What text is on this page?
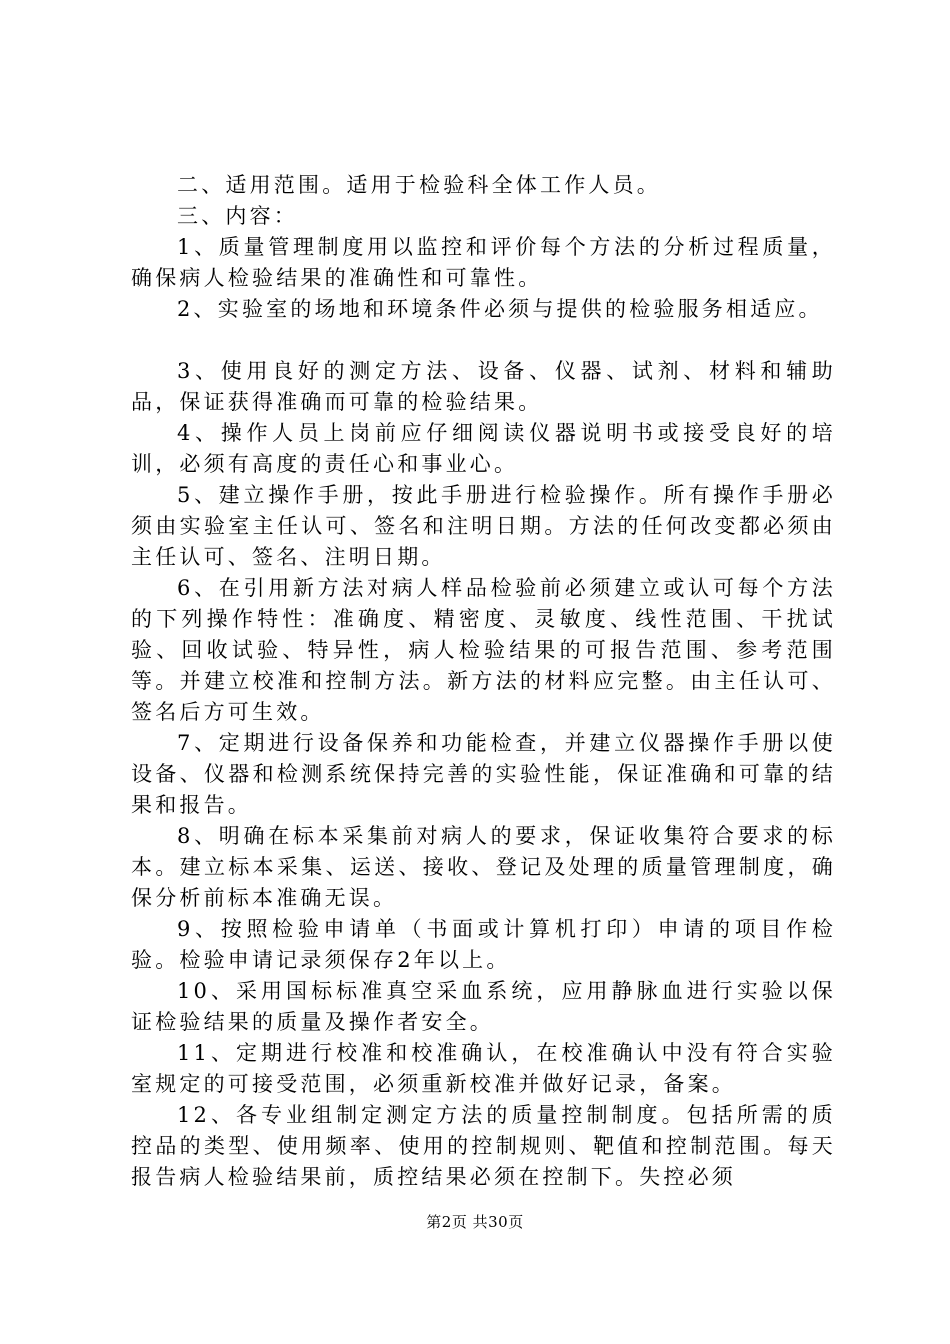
二、适用范围。适用于检验科全体工作人员。

三、内容：

1、质量管理制度用以监控和评价每个方法的分析过程质量，确保病人检验结果的准确性和可靠性。

2、实验室的场地和环境条件必须与提供的检验服务相适应。

3、使用良好的测定方法、设备、仪器、试剂、材料和辅助品，保证获得准确而可靠的检验结果。

4、操作人员上岗前应仔细阅读仪器说明书或接受良好的培训，必须有高度的责任心和事业心。

5、建立操作手册，按此手册进行检验操作。所有操作手册必须由实验室主任认可、签名和注明日期。方法的任何改变都必须由主任认可、签名、注明日期。

6、在引用新方法对病人样品检验前必须建立或认可每个方法的下列操作特性：准确度、精密度、灵敏度、线性范围、干扰试验、回收试验、特异性，病人检验结果的可报告范围、参考范围等。并建立校准和控制方法。新方法的材料应完整。由主任认可、签名后方可生效。

7、定期进行设备保养和功能检查，并建立仪器操作手册以使设备、仪器和检测系统保持完善的实验性能，保证准确和可靠的结果和报告。

8、明确在标本采集前对病人的要求，保证收集符合要求的标本。建立标本采集、运送、接收、登记及处理的质量管理制度，确保分析前标本准确无误。

9、按照检验申请单（书面或计算机打印）申请的项目作检验。检验申请记录须保存2年以上。

10、采用国标标准真空采血系统，应用静脉血进行实验以保证检验结果的质量及操作者安全。

11、定期进行校准和校准确认，在校准确认中没有符合实验室规定的可接受范围，必须重新校准并做好记录，备案。

12、各专业组制定测定方法的质量控制制度。包括所需的质控品的类型、使用频率、使用的控制规则、靶值和控制范围。每天报告病人检验结果前，质控结果必须在控制下。失控必须

第2页 共30页
